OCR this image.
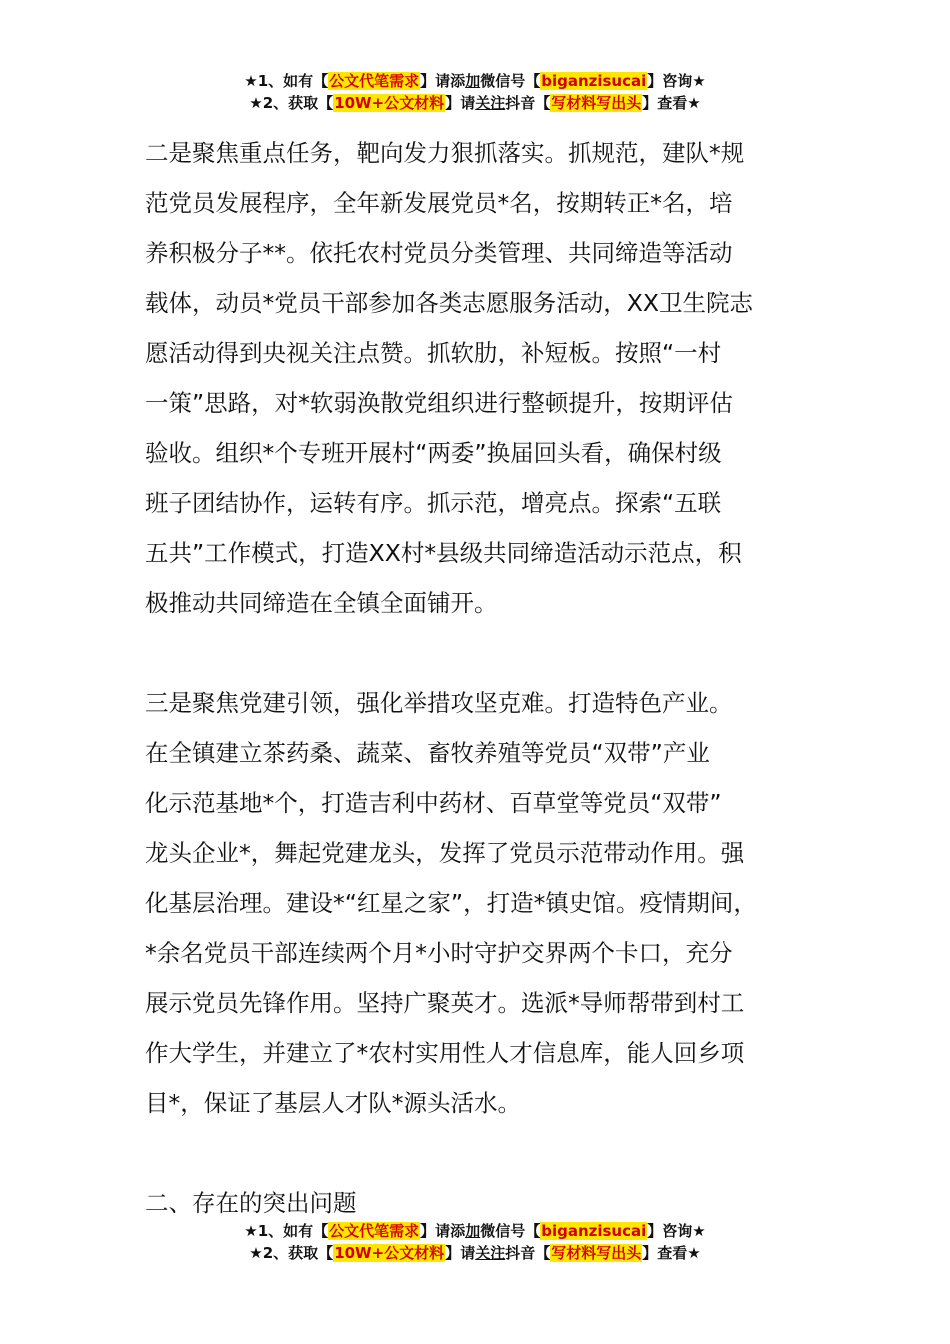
★1、如有【公文代笔需求】请添加微信号【biganzisucai】咨询★
★2、获取【10W+公文材料】请关注抖音【写材料写出头】查看★

二是聚焦重点任务，靶向发力狠抓落实。抓规范，建队*规
范党员发展程序，全年新发展党员*名，按期转正*名，培
养积极分子**。依托农村党员分类管理、共同缔造等活动
载体，动员*党员干部参加各类志愿服务活动，XX卫生院志
愿活动得到央视关注点赞。抓软肋，补短板。按照“一村
一策”思路，对*软弱涣散党组织进行整顿提升，按期评估
验收。组织*个专班开展村“两委”换届回头看，确保村级
班子团结协作，运转有序。抓示范，增亮点。探索“五联
五共”工作模式，打造XX村*县级共同缔造活动示范点，积
极推动共同缔造在全镇全面铺开。

三是聚焦党建引领，强化举措攻坚克难。打造特色产业。
在全镇建立茶药桑、蔬菜、畜牧养殖等党员“双带”产业
化示范基地*个，打造吉利中药材、百草堂等党员“双带”
龙头企业*，舞起党建龙头，发挥了党员示范带动作用。强
化基层治理。建设*“红星之家”，打造*镇史馆。疫情期间，
*余名党员干部连续两个月*小时守护交界两个卡口，充分
展示党员先锋作用。坚持广聚英才。选派*导师帮带到村工
作大学生，并建立了*农村实用性人才信息库，能人回乡项
目*，保证了基层人才队*源头活水。

二、存在的突出问题

★1、如有【公文代笔需求】请添加微信号【biganzisucai】咨询★
★2、获取【10W+公文材料】请关注抖音【写材料写出头】查看★
